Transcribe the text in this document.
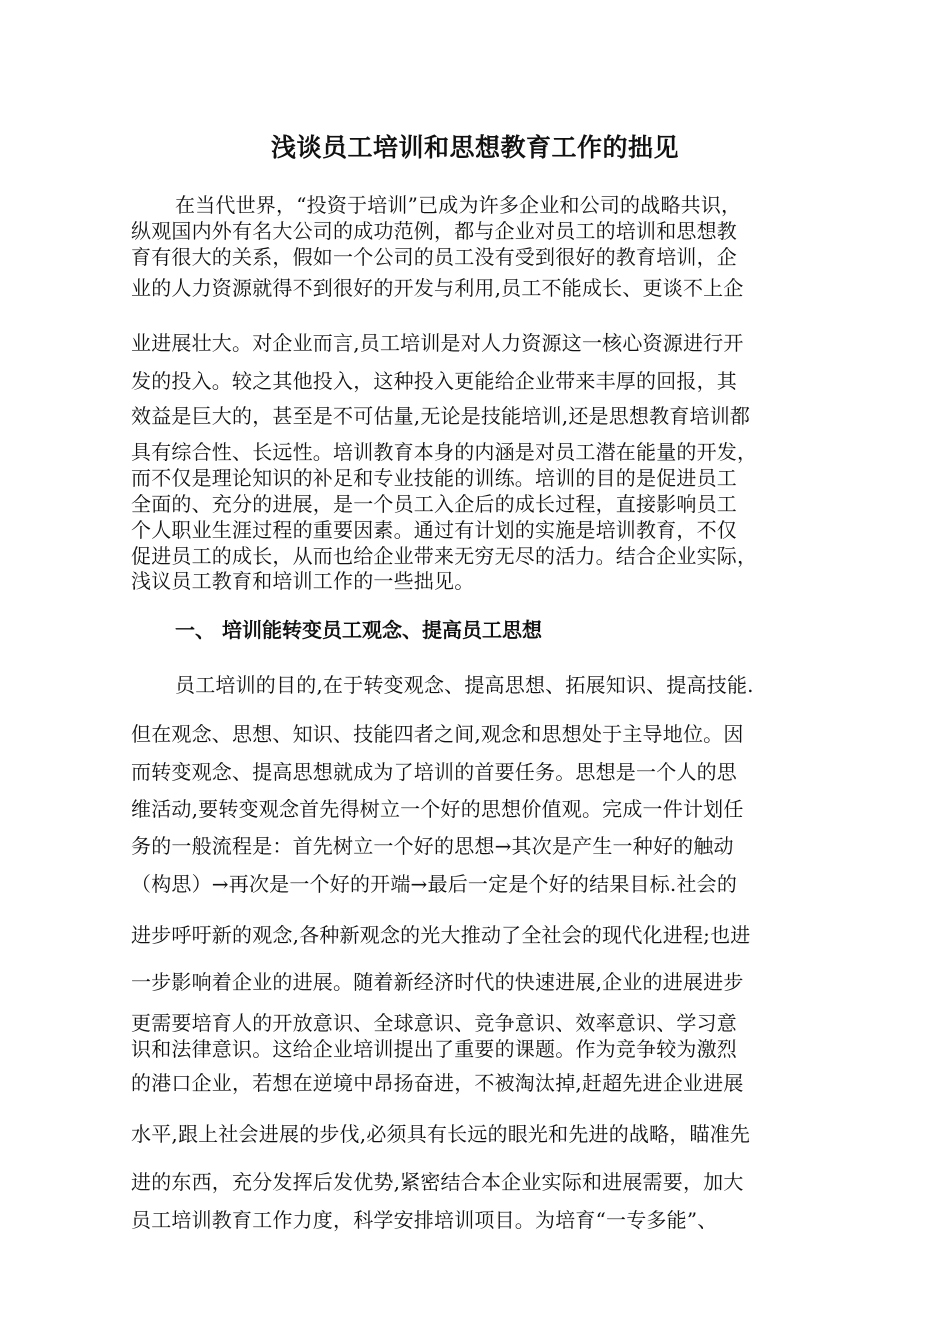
浅谈员工培训和思想教育工作的拙见
在当代世界，“投资于培训”已成为许多企业和公司的战略共识，
纵观国内外有名大公司的成功范例，都与企业对员工的培训和思想教
育有很大的关系，假如一个公司的员工没有受到很好的教育培训，企
业的人力资源就得不到很好的开发与利用,员工不能成长、更谈不上企
业进展壮大。对企业而言,员工培训是对人力资源这一核心资源进行开
发的投入。较之其他投入，这种投入更能给企业带来丰厚的回报，其
效益是巨大的，甚至是不可估量,无论是技能培训,还是思想教育培训都
具有综合性、长远性。培训教育本身的内涵是对员工潜在能量的开发，
而不仅是理论知识的补足和专业技能的训练。培训的目的是促进员工
全面的、充分的进展，是一个员工入企后的成长过程，直接影响员工
个人职业生涯过程的重要因素。通过有计划的实施是培训教育，不仅
促进员工的成长，从而也给企业带来无穷无尽的活力。结合企业实际，
浅议员工教育和培训工作的一些拙见。
一、 培训能转变员工观念、提高员工思想
员工培训的目的,在于转变观念、提高思想、拓展知识、提高技能.
但在观念、思想、知识、技能四者之间,观念和思想处于主导地位。因
而转变观念、提高思想就成为了培训的首要任务。思想是一个人的思
维活动,要转变观念首先得树立一个好的思想价值观。完成一件计划任
务的一般流程是：首先树立一个好的思想→其次是产生一种好的触动
（构思）→再次是一个好的开端→最后一定是个好的结果目标.社会的
进步呼吁新的观念,各种新观念的光大推动了全社会的现代化进程;也进
一步影响着企业的进展。随着新经济时代的快速进展,企业的进展进步
更需要培育人的开放意识、全球意识、竞争意识、效率意识、学习意
识和法律意识。这给企业培训提出了重要的课题。作为竞争较为激烈
的港口企业，若想在逆境中昂扬奋进，不被淘汰掉,赶超先进企业进展
水平,跟上社会进展的步伐,必须具有长远的眼光和先进的战略，瞄准先
进的东西，充分发挥后发优势,紧密结合本企业实际和进展需要，加大
员工培训教育工作力度，科学安排培训项目。为培育“一专多能”、
